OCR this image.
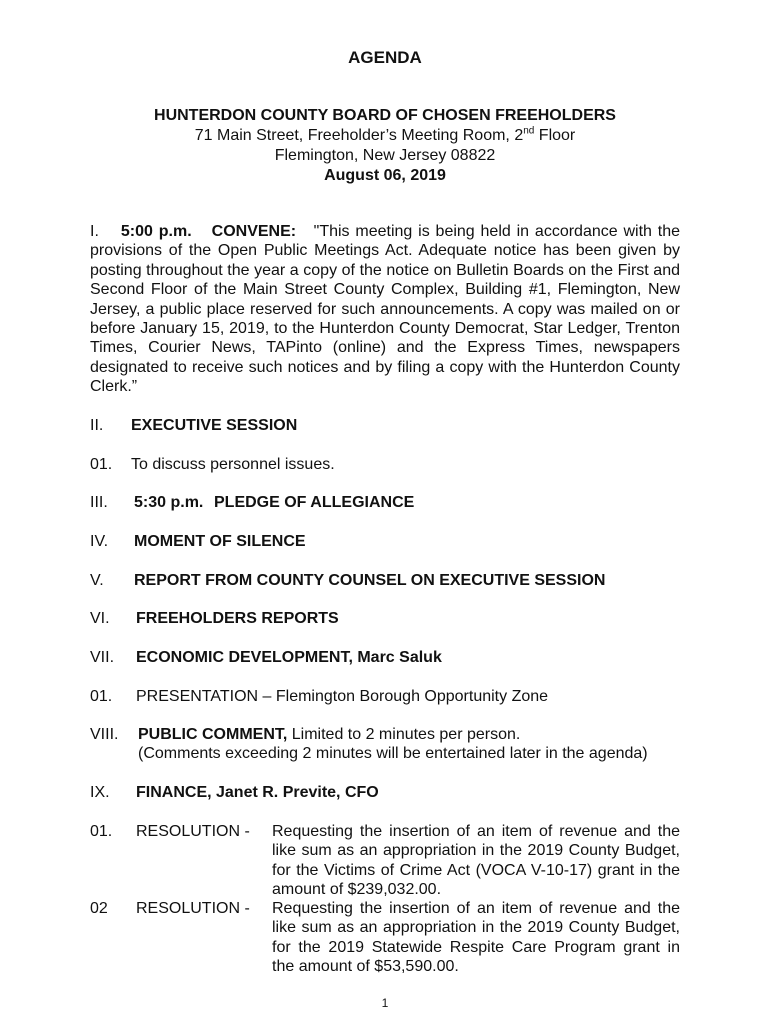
AGENDA
HUNTERDON COUNTY BOARD OF CHOSEN FREEHOLDERS
71 Main Street, Freeholder’s Meeting Room, 2nd Floor
Flemington, New Jersey 08822
August 06, 2019
I. 5:00 p.m. CONVENE: "This meeting is being held in accordance with the provisions of the Open Public Meetings Act. Adequate notice has been given by posting throughout the year a copy of the notice on Bulletin Boards on the First and Second Floor of the Main Street County Complex, Building #1, Flemington, New Jersey, a public place reserved for such announcements. A copy was mailed on or before January 15, 2019, to the Hunterdon County Democrat, Star Ledger, Trenton Times, Courier News, TAPinto (online) and the Express Times, newspapers designated to receive such notices and by filing a copy with the Hunterdon County Clerk.”
II. EXECUTIVE SESSION
01. To discuss personnel issues.
III. 5:30 p.m. PLEDGE OF ALLEGIANCE
IV. MOMENT OF SILENCE
V. REPORT FROM COUNTY COUNSEL ON EXECUTIVE SESSION
VI. FREEHOLDERS REPORTS
VII. ECONOMIC DEVELOPMENT, Marc Saluk
01. PRESENTATION – Flemington Borough Opportunity Zone
VIII. PUBLIC COMMENT, Limited to 2 minutes per person.
(Comments exceeding 2 minutes will be entertained later in the agenda)
IX. FINANCE, Janet R. Previte, CFO
01. RESOLUTION - Requesting the insertion of an item of revenue and the like sum as an appropriation in the 2019 County Budget, for the Victims of Crime Act (VOCA V-10-17) grant in the amount of $239,032.00.
02 RESOLUTION - Requesting the insertion of an item of revenue and the like sum as an appropriation in the 2019 County Budget, for the 2019 Statewide Respite Care Program grant in the amount of $53,590.00.
1
